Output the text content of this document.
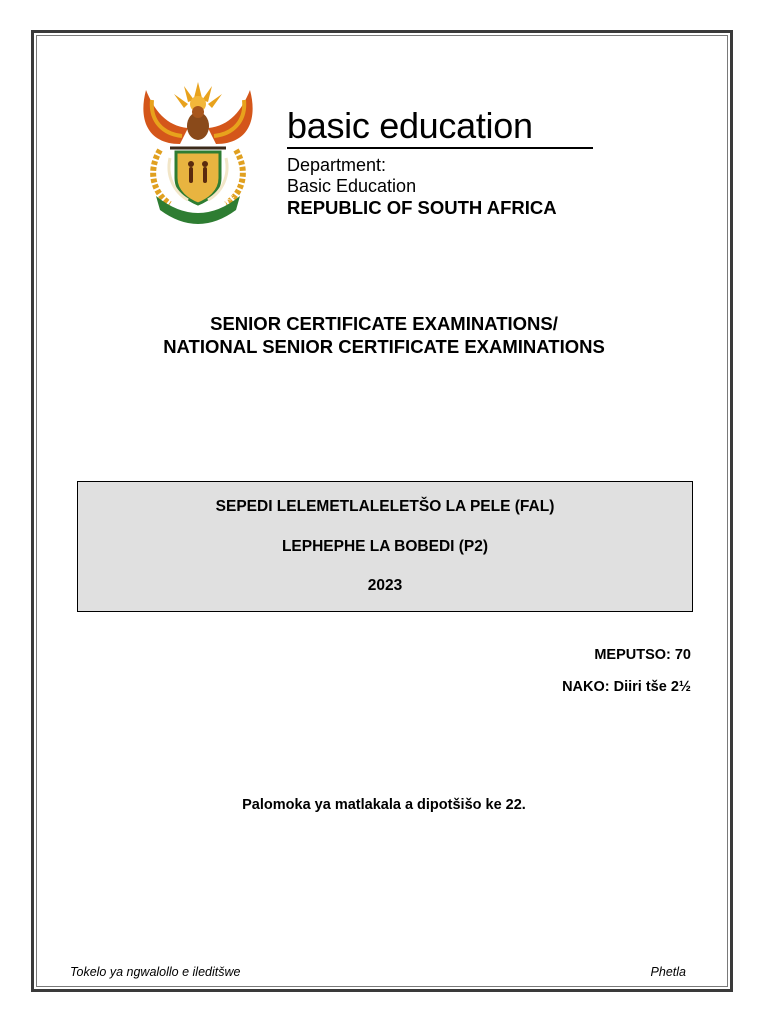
!KE E: /XARRA //KE
basic education
Department:
Basic Education
REPUBLIC OF SOUTH AFRICA
SENIOR CERTIFICATE EXAMINATIONS/
NATIONAL SENIOR CERTIFICATE EXAMINATIONS
SEPEDI LELEMETLALELETŠO LA PELE (FAL)
LEPHEPHE LA BOBEDI (P2)
2023
MEPUTSO: 70
NAKO: Diiri tše 2½
Palomoka ya matlakala a dipotšišo ke 22.
Tokelo ya ngwalollo e ileditšwe	Phetla
